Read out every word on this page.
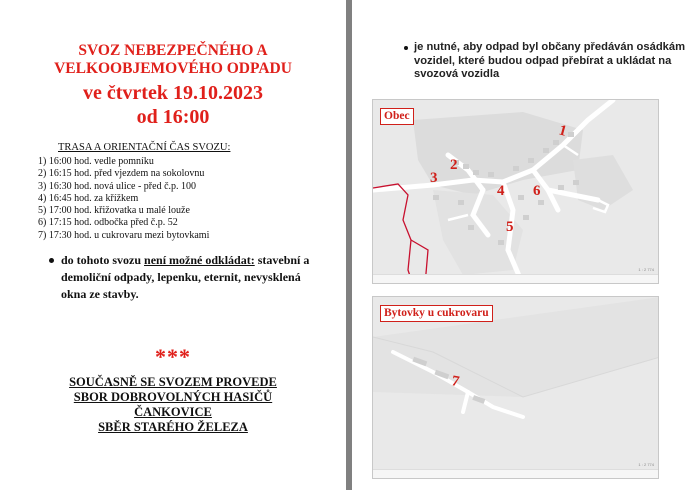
SVOZ NEBEZPEČNÉHO A
VELKOOBJEMOVÉHO ODPADU
ve čtvrtek 19.10.2023
od 16:00
TRASA A ORIENTAČNÍ ČAS SVOZU:
1) 16:00 hod. vedle pomníku
2) 16:15 hod. před vjezdem na sokolovnu
3) 16:30 hod. nová ulice - před č.p. 100
4) 16:45 hod. za křížkem
5) 17:00 hod. křižovatka u malé louže
6) 17:15 hod. odbočka před č.p. 52
7) 17:30 hod. u cukrovaru mezi bytovkami
do tohoto svozu není možné odkládat: stavební a demoliční odpady, lepenku, eternit, nevysklená okna ze stavby.
***
SOUČASNĚ SE SVOZEM PROVEDE
SBOR DOBROVOLNÝCH HASIČŮ
ČANKOVICE
SBĚR STARÉHO ŽELEZA
je nutné, aby odpad byl občany předáván osádkám vozidel, které budou odpad přebírat a ukládat na svozová vozidla
Obec
1
2
3
4
5
6
1 : 2 774
Bytovky u cukrovaru
7
1 : 2 774
